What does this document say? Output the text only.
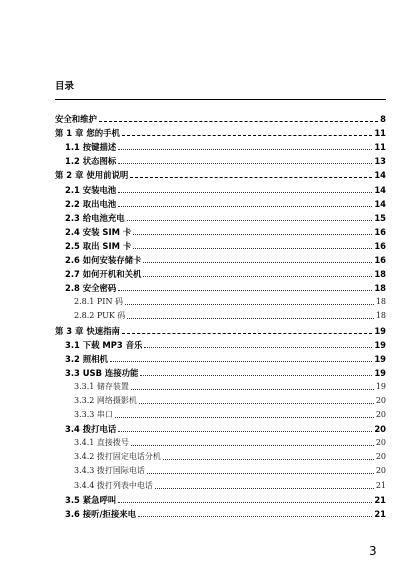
目录
安全和维护	8
第 1 章 您的手机	11
1.1 按键描述	11
1.2 状态图标	13
第 2 章 使用前说明	14
2.1 安装电池	14
2.2 取出电池	14
2.3 给电池充电	15
2.4 安装 SIM 卡	16
2.5 取出 SIM 卡	16
2.6 如何安装存储卡	16
2.7 如何开机和关机	18
2.8 安全密码	18
2.8.1 PIN 码	18
2.8.2 PUK 码	18
第 3 章 快速指南	19
3.1 下载 MP3 音乐	19
3.2 照相机	19
3.3 USB 连接功能	19
3.3.1 储存装置	19
3.3.2 网络摄影机	20
3.3.3 串口	20
3.4 拨打电话	20
3.4.1 直接拨号	20
3.4.2 拨打固定电话分机	20
3.4.3 拨打国际电话	20
3.4.4 拨打列表中电话	21
3.5 紧急呼叫	21
3.6 接听/拒接来电	21
3
